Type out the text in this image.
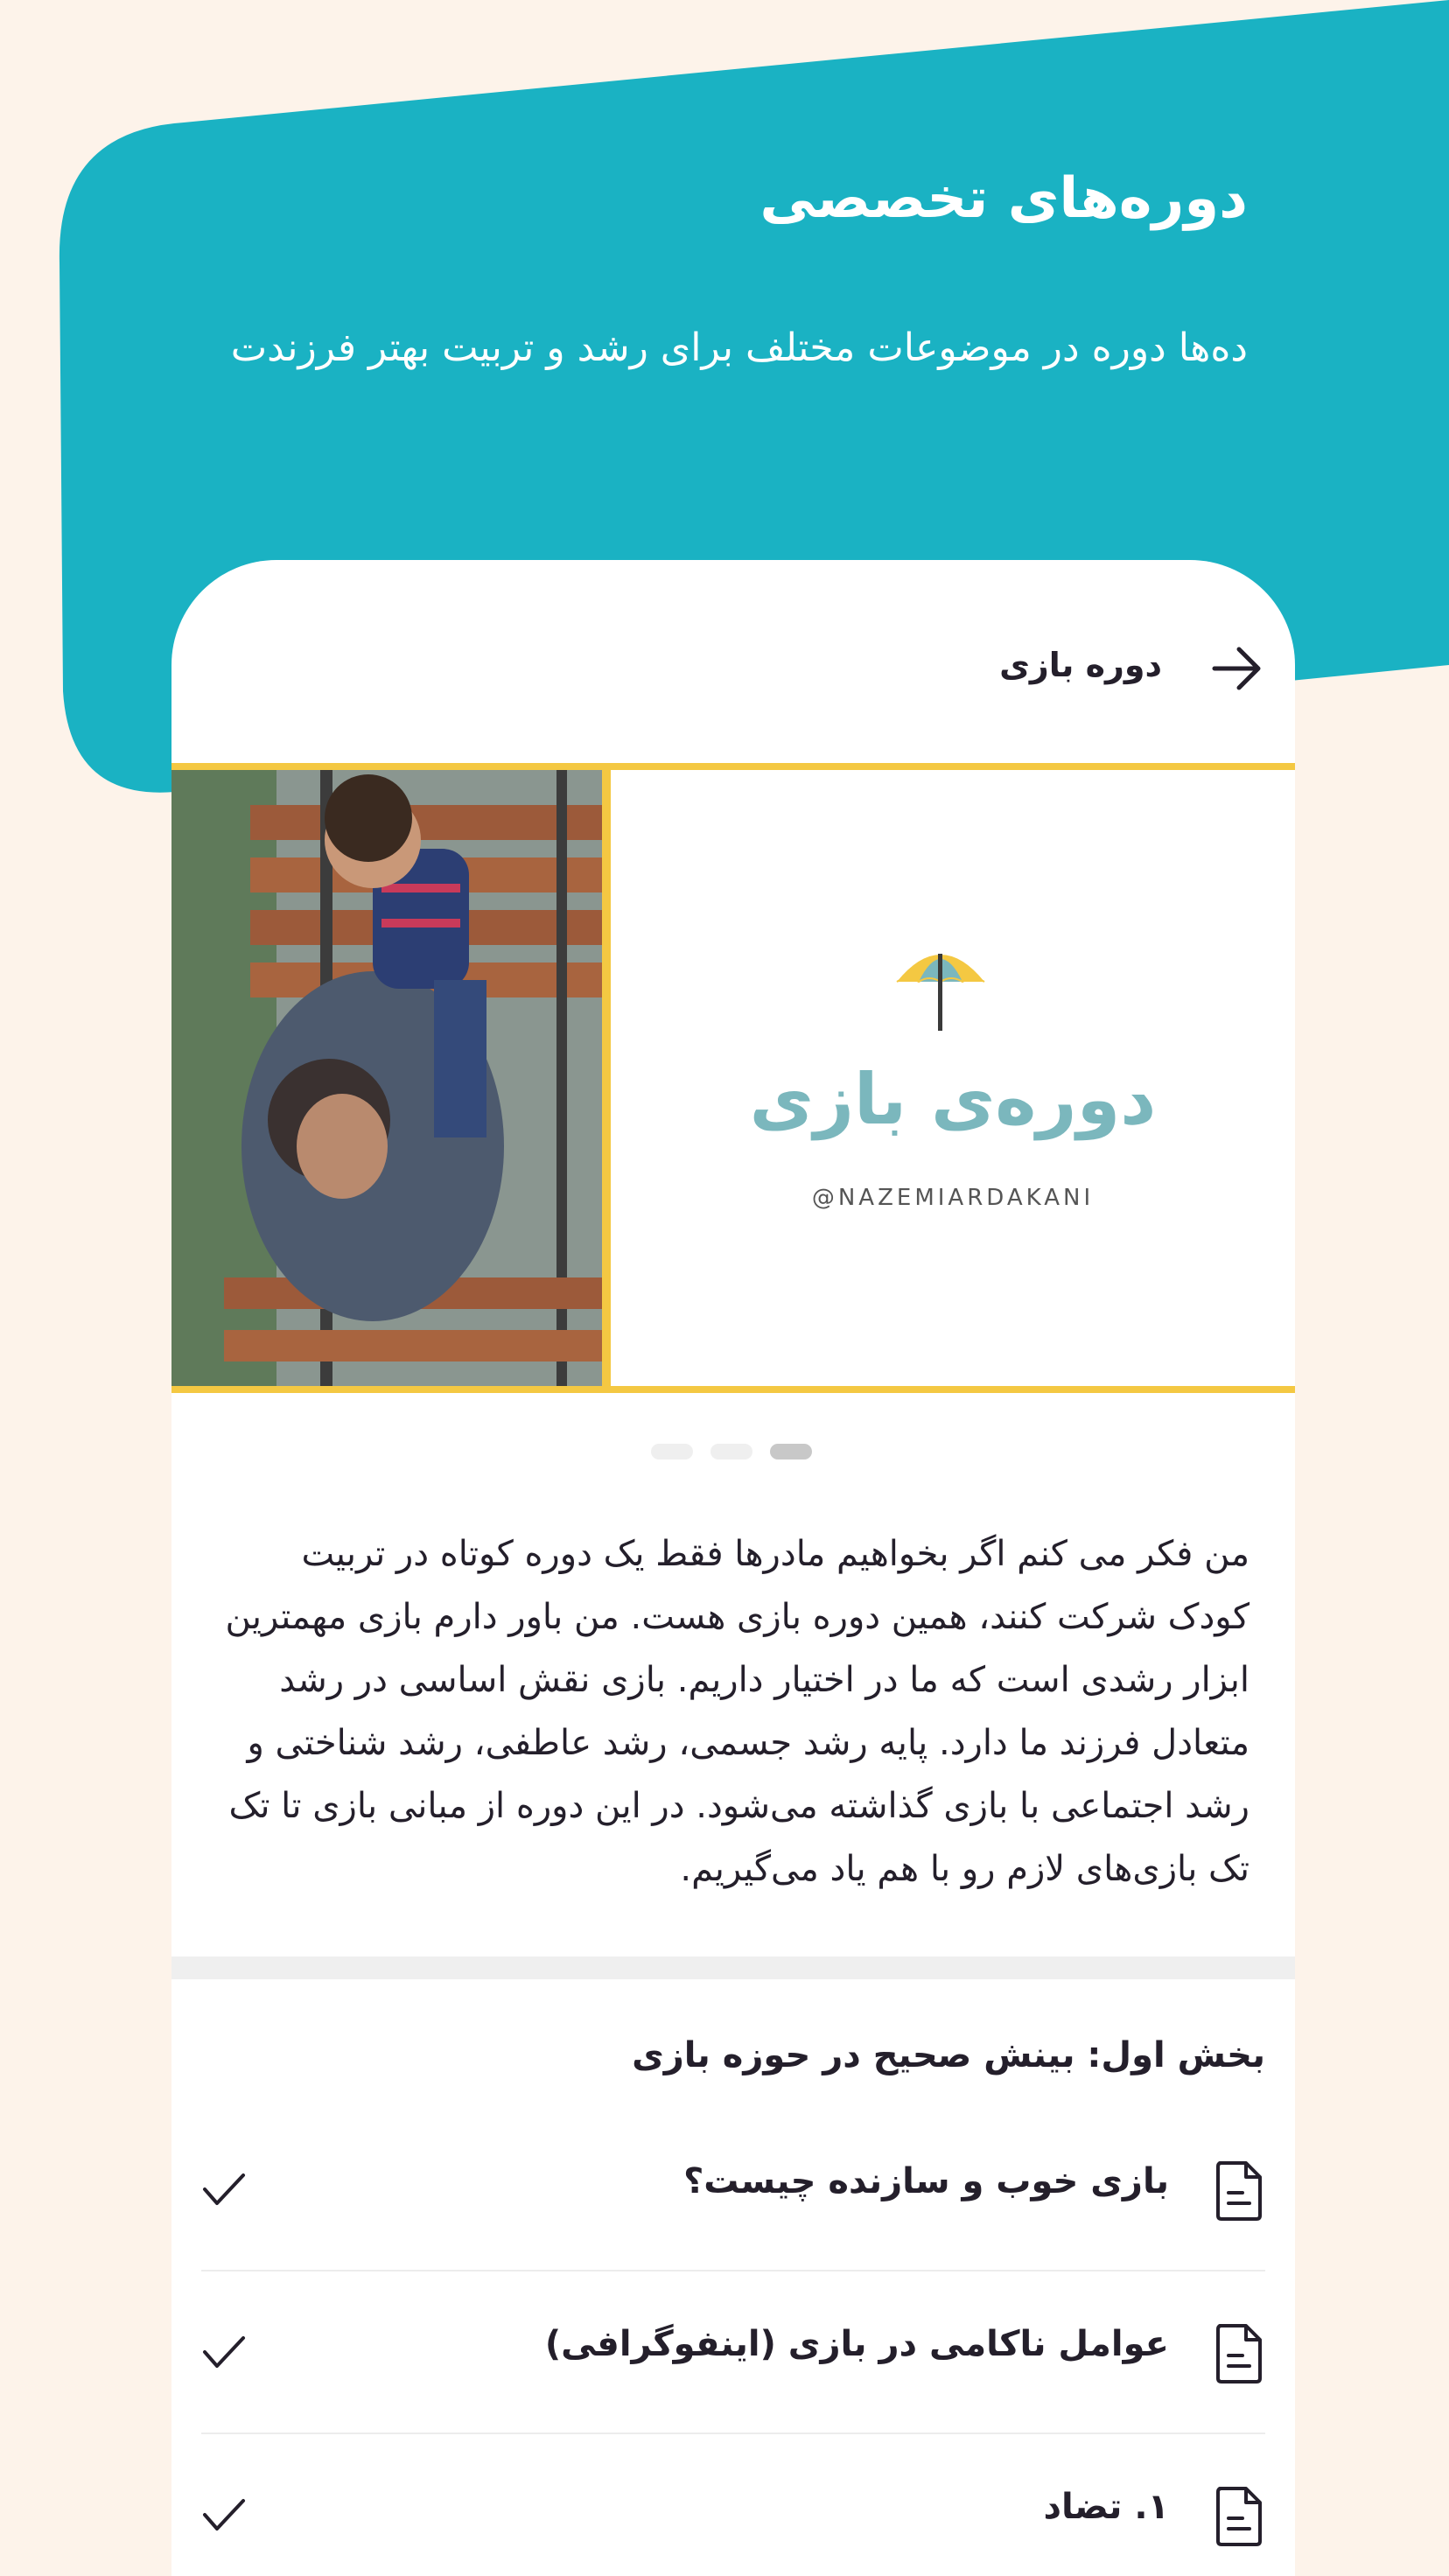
دوره‌های تخصصی

ده‌ها دوره در موضوعات مختلف برای رشد و تربیت بهتر فرزندت

دوره بازی
دوره‌ی بازی
@NAZEMIARDAKANI

من فکر می کنم اگر بخواهیم مادرها فقط یک دوره کوتاه در تربیت کودک شرکت کنند، همین دوره بازی هست. من باور دارم بازی مهمترین ابزار رشدی است که ما در اختیار داریم. بازی نقش اساسی در رشد متعادل فرزند ما دارد. پایه رشد جسمی، رشد عاطفی، رشد شناختی و رشد اجتماعی با بازی گذاشته می‌شود. در این دوره از مبانی بازی تا تک تک بازی‌های لازم رو با هم یاد می‌گیریم.

بخش اول: بینش صحیح در حوزه بازی
بازی خوب و سازنده چیست؟
عوامل ناکامی در بازی (اینفوگرافی)
۱. تضاد
